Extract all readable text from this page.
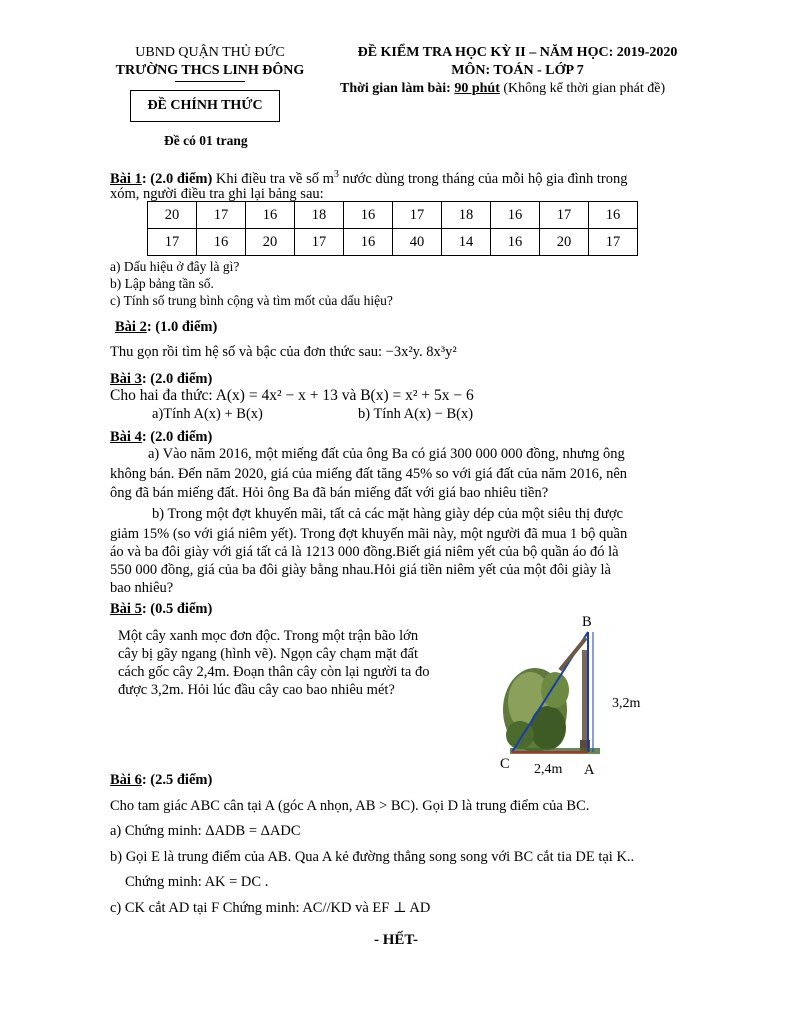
UBND QUẬN THỦ ĐỨC
TRƯỜNG THCS LINH ĐÔNG
ĐỀ CHÍNH THỨC
Đề có 01 trang
ĐỀ KIỂM TRA HỌC KỲ II – NĂM HỌC: 2019-2020
MÔN: TOÁN - LỚP 7
Thời gian làm bài: 90 phút (Không kể thời gian phát đề)
Bài 1: (2.0 điểm) Khi điều tra về số $m^3$ nước dùng trong tháng của mỗi hộ gia đình trong
xóm, người điều tra ghi lại bảng sau:
20	17	16	18	16	17	18	16	17	16
17	16	20	17	16	40	14	16	20	17
a) Dấu hiệu ở đây là gì?
b) Lập bảng tần số.
c) Tính số trung bình cộng và tìm mốt của dấu hiệu?
Bài 2: (1.0 điểm)
Thu gọn rồi tìm hệ số và bậc của đơn thức sau: −3x²y. 8x³y²
Bài 3: (2.0 điểm)
Cho hai đa thức: A(x) = 4x² − x + 13 và B(x) = x² + 5x − 6
a)Tính A(x) + B(x)	b) Tính A(x) − B(x)
Bài 4: (2.0 điểm)
a) Vào năm 2016, một miếng đất của ông Ba có giá 300 000 000 đồng, nhưng ông
không bán. Đến năm 2020, giá của miếng đất tăng 45% so với giá đất của năm 2016, nên
ông đã bán miếng đất. Hỏi ông Ba đã bán miếng đất với giá bao nhiêu tiền?
b) Trong một đợt khuyến mãi, tất cả các mặt hàng giày dép của một siêu thị được
giảm 15% (so với giá niêm yết). Trong đợt khuyến mãi này, một người đã mua 1 bộ quần
áo và ba đôi giày với giá tất cả là 1213 000 đồng.Biết giá niêm yết của bộ quần áo đó là
550 000 đồng, giá của ba đôi giày bằng nhau.Hỏi giá tiền niêm yết của một đôi giày là
bao nhiêu?
Bài 5: (0.5 điểm)
Một cây xanh mọc đơn độc. Trong một trận bão lớn
cây bị gãy ngang (hình vẽ). Ngọn cây chạm mặt đất
cách gốc cây 2,4m. Đoạn thân cây còn lại người ta đo
được 3,2m. Hỏi lúc đầu cây cao bao nhiêu mét?
B
C	A
3,2m
2,4m
Bài 6: (2.5 điểm)
Cho tam giác ABC cân tại A (góc A nhọn, AB > BC). Gọi D là trung điểm của BC.
a) Chứng minh: ΔADB = ΔADC
b) Gọi E là trung điểm của AB. Qua A kẻ đường thẳng song song với BC cắt tia DE tại K..
Chứng minh: AK = DC .
c) CK cắt AD tại F Chứng minh: AC//KD và EF ⊥ AD
- HẾT-
